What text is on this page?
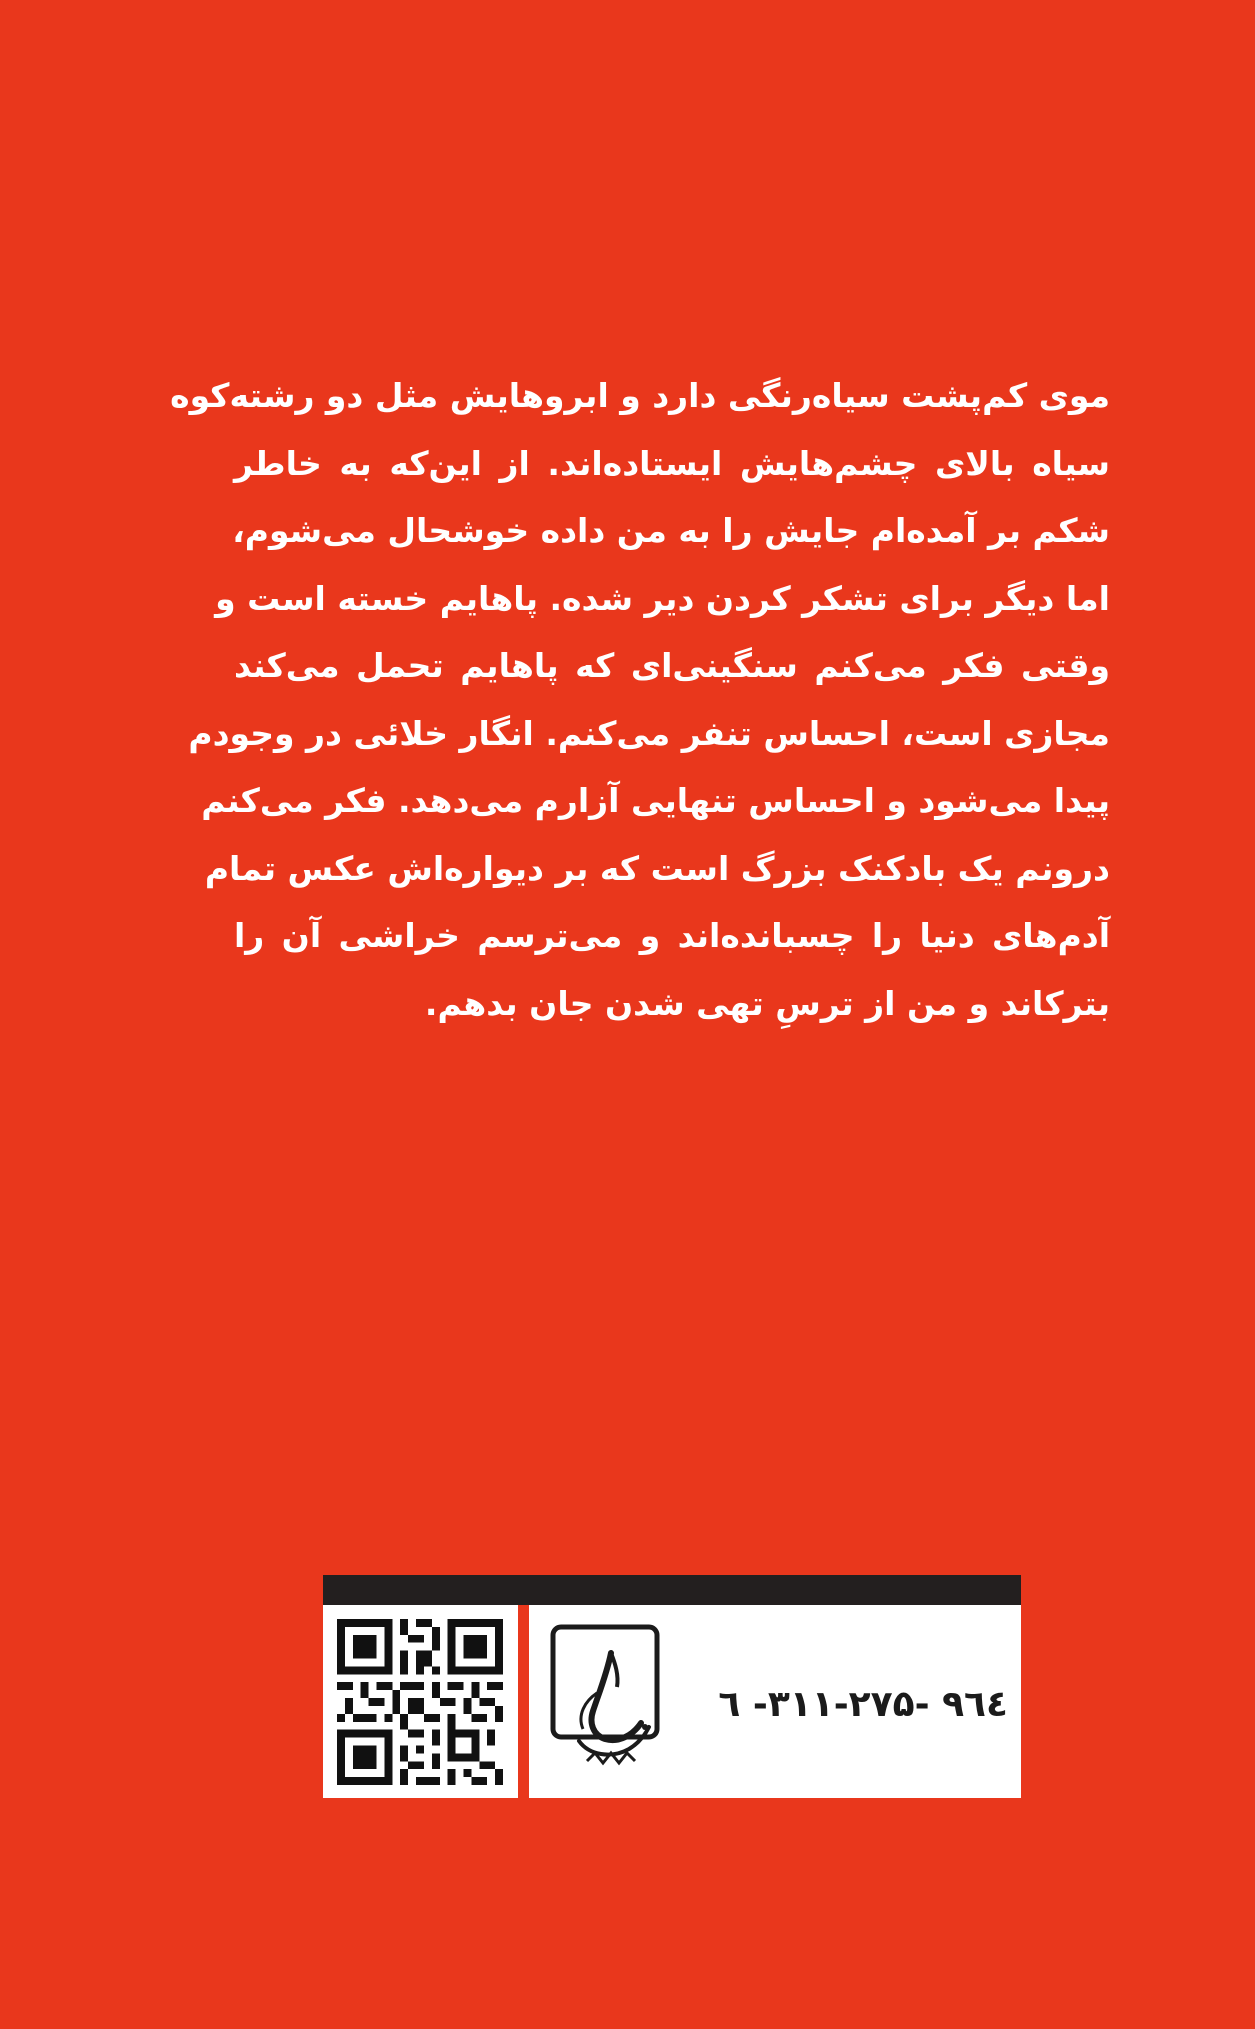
موی کم‌پشت سیاه‌رنگی دارد و ابروهایش مثل دو رشته‌کوه
سیاه بالای چشم‌هایش ایستاده‌اند. از این‌که به خاطر
شکم بر آمده‌ام جایش را به من داده خوشحال می‌شوم،
اما دیگر برای تشکر کردن دیر شده. پاهایم خسته است و
وقتی فکر می‌کنم سنگینی‌ای که پاهایم تحمل می‌کند
مجازی است، احساس تنفر می‌کنم. انگار خلائی در وجودم
پیدا می‌شود و احساس تنهایی آزارم می‌دهد. فکر می‌کنم
درونم یک بادکنک بزرگ است که بر دیواره‌اش عکس تمام
آدم‌های دنیا را چسبانده‌اند و می‌ترسم خراشی آن را
بترکاند و من از ترسِ تهی شدن جان بدهم.
۹٦٤ -۳۱۱-۲۷۵- ٦
